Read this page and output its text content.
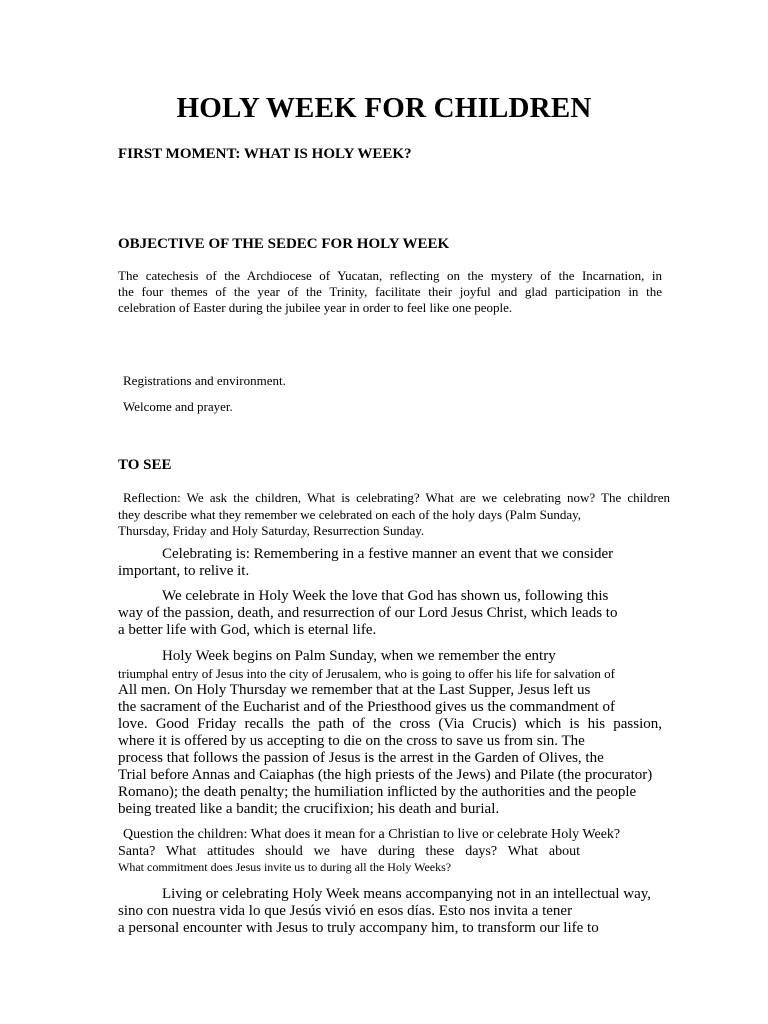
HOLY WEEK FOR CHILDREN

FIRST MOMENT: WHAT IS HOLY WEEK?

OBJECTIVE OF THE SEDEC FOR HOLY WEEK

The catechesis of the Archdiocese of Yucatan, reflecting on the mystery of the Incarnation, in
the four themes of the year of the Trinity, facilitate their joyful and glad participation in the
celebration of Easter during the jubilee year in order to feel like one people.
Registrations and environment.
Welcome and prayer.

TO SEE

Reflection: We ask the children, What is celebrating? What are we celebrating now? The children
they describe what they remember we celebrated on each of the holy days (Palm Sunday,
Thursday, Friday and Holy Saturday, Resurrection Sunday.
Celebrating is: Remembering in a festive manner an event that we consider
important, to relive it.
We celebrate in Holy Week the love that God has shown us, following this
way of the passion, death, and resurrection of our Lord Jesus Christ, which leads to
a better life with God, which is eternal life.
Holy Week begins on Palm Sunday, when we remember the entry
triumphal entry of Jesus into the city of Jerusalem, who is going to offer his life for salvation of
All men. On Holy Thursday we remember that at the Last Supper, Jesus left us
the sacrament of the Eucharist and of the Priesthood gives us the commandment of
love. Good Friday recalls the path of the cross (Via Crucis) which is his passion,
where it is offered by us accepting to die on the cross to save us from sin. The
process that follows the passion of Jesus is the arrest in the Garden of Olives, the
Trial before Annas and Caiaphas (the high priests of the Jews) and Pilate (the procurator)
Romano); the death penalty; the humiliation inflicted by the authorities and the people
being treated like a bandit; the crucifixion; his death and burial.
Question the children: What does it mean for a Christian to live or celebrate Holy Week?
Santa? What attitudes should we have during these days? What about
What commitment does Jesus invite us to during all the Holy Weeks?
Living or celebrating Holy Week means accompanying not in an intellectual way,
sino con nuestra vida lo que Jesús vivió en esos días. Esto nos invita a tener
a personal encounter with Jesus to truly accompany him, to transform our life to
